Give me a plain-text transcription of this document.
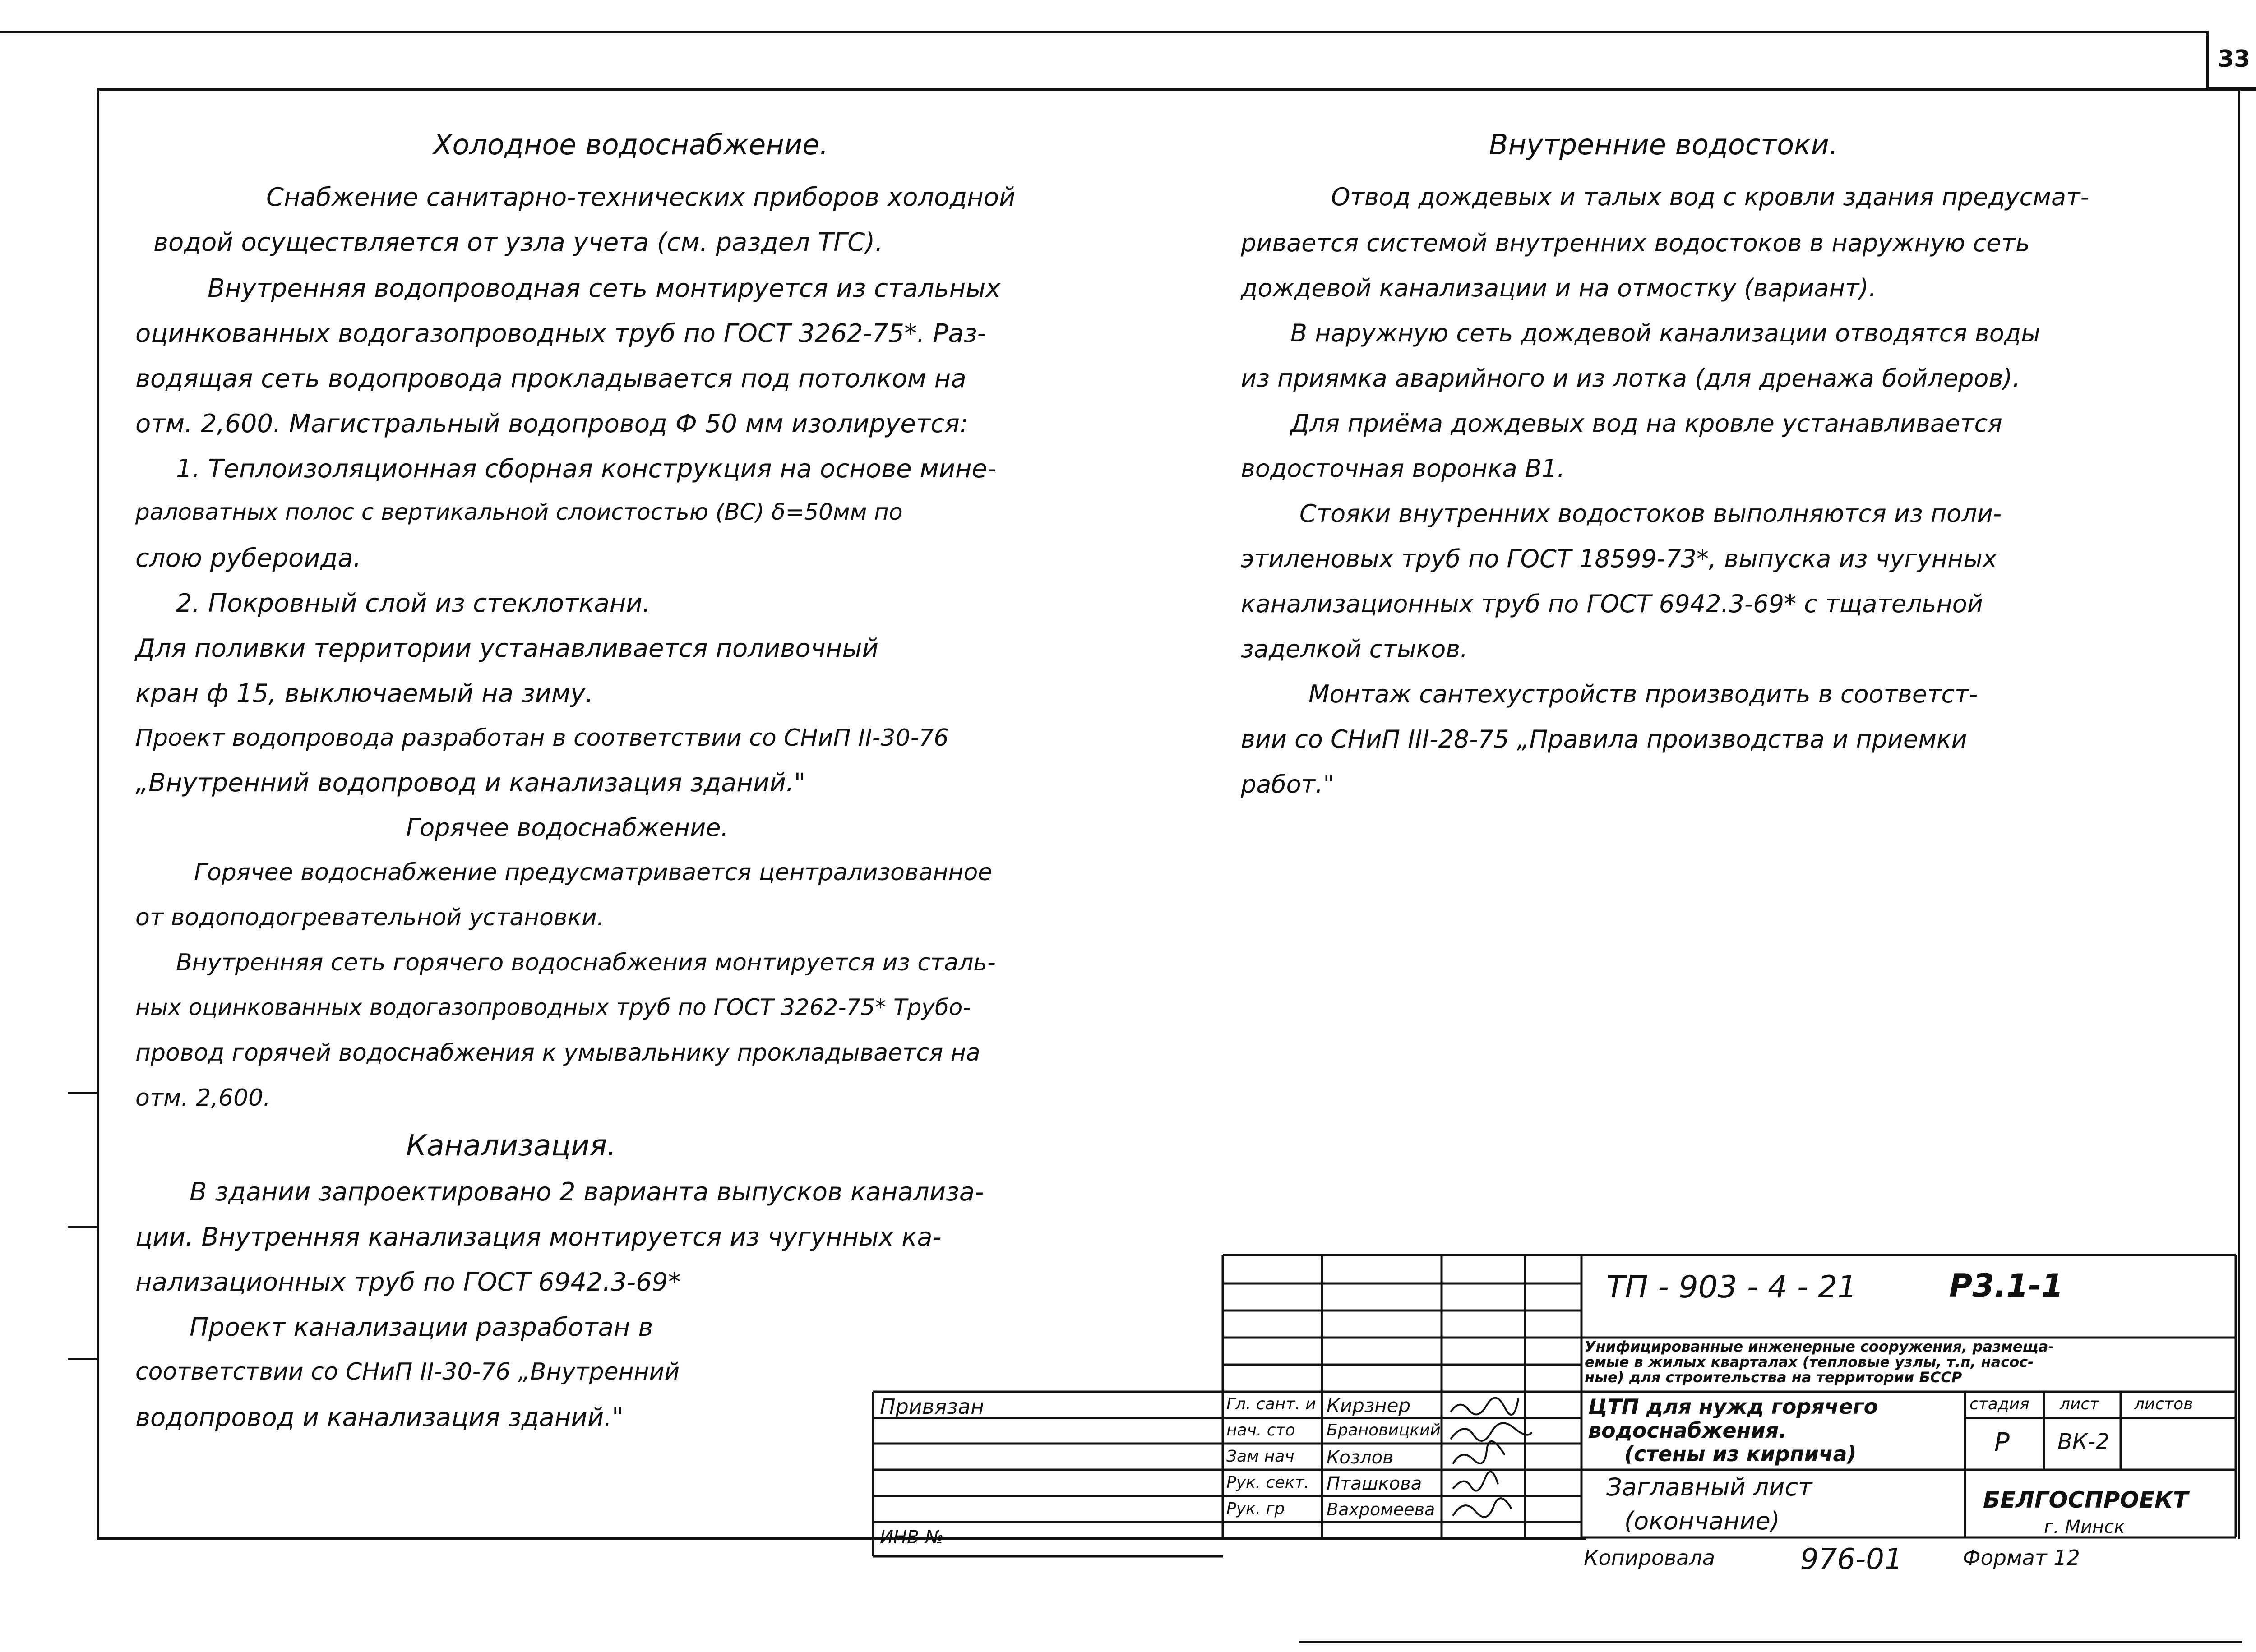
33
Холодное водоснабжение.
Снабжение санитарно-технических приборов холодной
водой осуществляется от узла учета (см. раздел ТГС).
Внутренняя водопроводная сеть монтируется из стальных
оцинкованных водогазопроводных труб по ГОСТ 3262-75*. Раз-
водящая сеть водопровода прокладывается под потолком на
отм. 2,600. Магистральный водопровод Ф 50 мм изолируется:
1. Теплоизоляционная сборная конструкция на основе мине-
раловатных полос с вертикальной слоистостью (ВС) δ=50мм по
слою рубероида.
2. Покровный слой из стеклоткани.
Для поливки территории устанавливается поливочный
кран ф 15, выключаемый на зиму.
Проект водопровода разработан в соответствии со СНиП II-30-76
„Внутренний водопровод и канализация зданий."
Горячее водоснабжение.
Горячее водоснабжение предусматривается централизованное
от водоподогревательной установки.
Внутренняя сеть горячего водоснабжения монтируется из сталь-
ных оцинкованных водогазопроводных труб по ГОСТ 3262-75* Трубо-
провод горячей водоснабжения к умывальнику прокладывается на
отм. 2,600.
Канализация.
В здании запроектировано 2 варианта выпусков канализа-
ции. Внутренняя канализация монтируется из чугунных ка-
нализационных труб по ГОСТ 6942.3-69*
Проект канализации разработан в
соответствии со СНиП II-30-76 „Внутренний
водопровод и канализация зданий."
Внутренние водостоки.
Отвод дождевых и талых вод с кровли здания предусмат-
ривается системой внутренних водостоков в наружную сеть
дождевой канализации и на отмостку (вариант).
В наружную сеть дождевой канализации отводятся воды
из приямка аварийного и из лотка (для дренажа бойлеров).
Для приёма дождевых вод на кровле устанавливается
водосточная воронка В1.
Стояки внутренних водостоков выполняются из поли-
этиленовых труб по ГОСТ 18599-73*, выпуска из чугунных
канализационных труб по ГОСТ 6942.3-69* с тщательной
заделкой стыков.
Монтаж сантехустройств производить в соответст-
вии со СНиП III-28-75 „Правила производства и приемки
работ."
Привязан
ИНВ №
Гл. сант. и Кирзнер
нач. сто Брановицкий
Зам нач Козлов
Рук. сект. Пташкова
Рук. гр Вахромеева
ТП - 903 - 4 - 21	Р3.1-1
Унифицированные инженерные сооружения, размеща-
емые в жилых кварталах (тепловые узлы, т.п, насос-
ные) для строительства на территории БССР
ЦТП для нужд горячего
водоснабжения.
(стены из кирпича)
стадия лист листов
Р ВК-2
Заглавный лист
(окончание)
БЕЛГОСПРОЕКТ
г. Минск
Копировала	976-01	Формат 12
